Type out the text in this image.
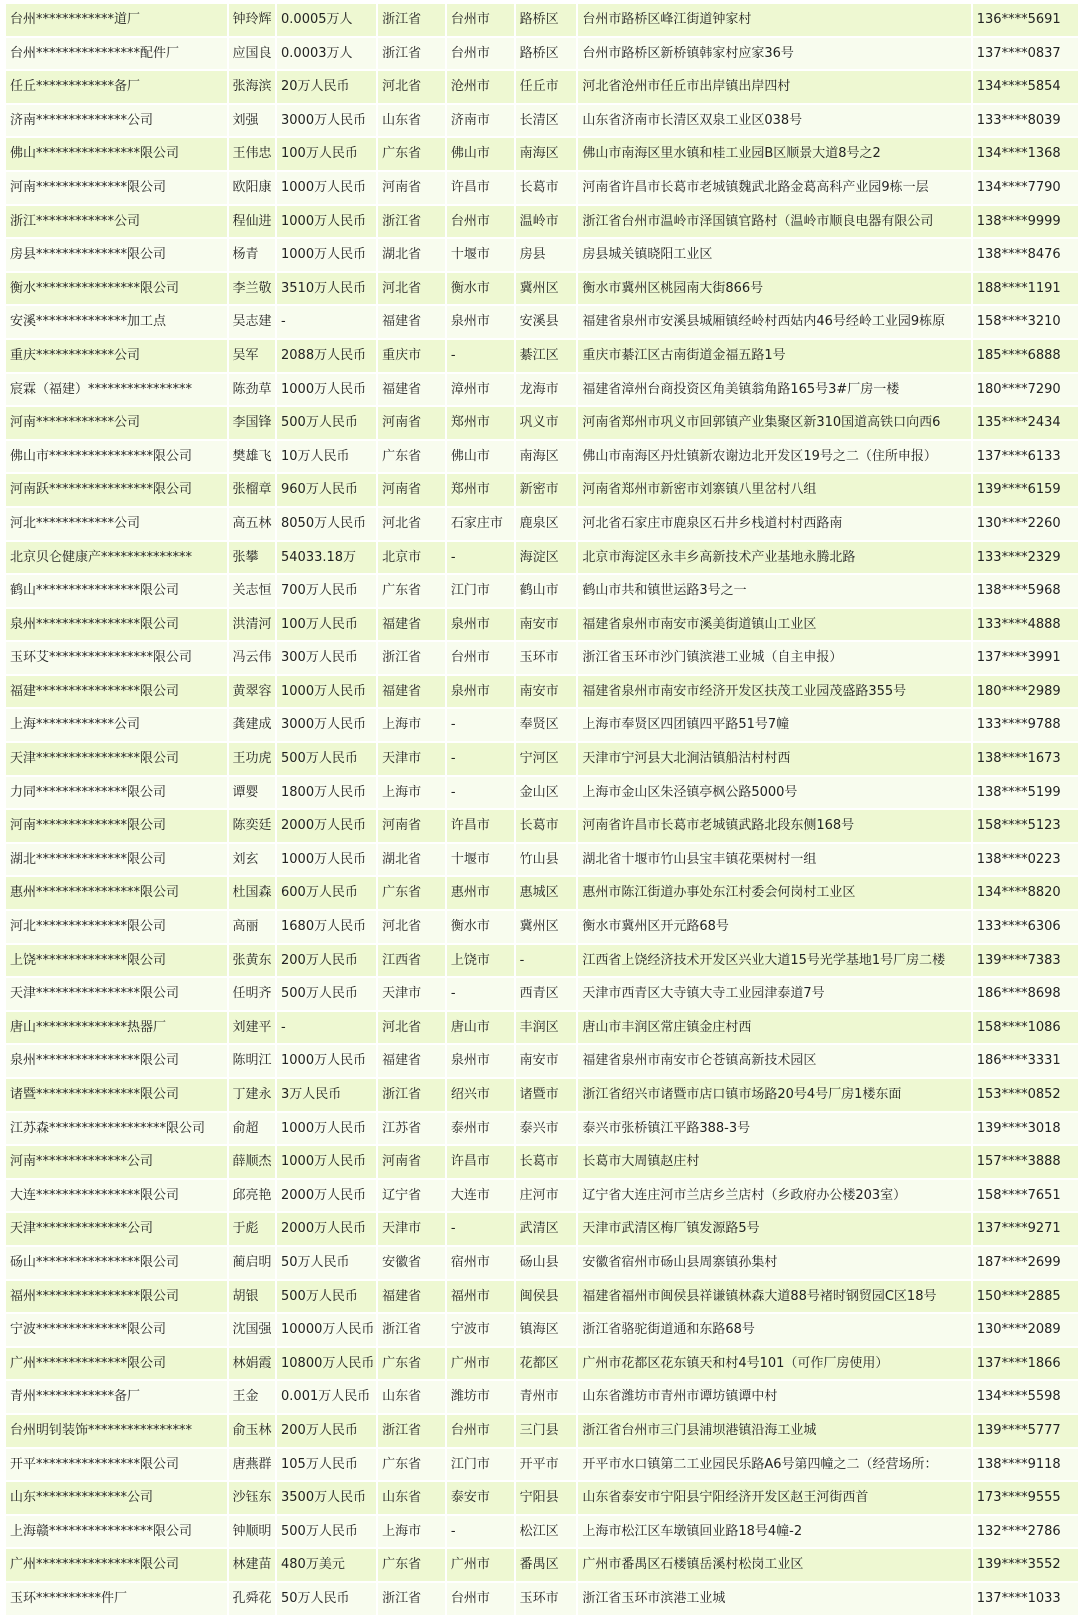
台州************道厂	钟玲辉	0.0005万人	浙江省	台州市	路桥区	台州市路桥区峰江街道钟家村	136****5691
台州****************配件厂	应国良	0.0003万人	浙江省	台州市	路桥区	台州市路桥区新桥镇韩家村应家36号	137****0837
任丘************备厂	张海滨	20万人民币	河北省	沧州市	任丘市	河北省沧州市任丘市出岸镇出岸四村	134****5854
济南**************公司	刘强	3000万人民币	山东省	济南市	长清区	山东省济南市长清区双泉工业区038号	133****8039
佛山****************限公司	王伟忠	100万人民币	广东省	佛山市	南海区	佛山市南海区里水镇和桂工业园B区顺景大道8号之2	134****1368
河南**************限公司	欧阳康	1000万人民币	河南省	许昌市	长葛市	河南省许昌市长葛市老城镇魏武北路金葛高科产业园9栋一层	134****7790
浙江************公司	程仙进	1000万人民币	浙江省	台州市	温岭市	浙江省台州市温岭市泽国镇官路村（温岭市顺良电器有限公司	138****9999
房县**************限公司	杨青	1000万人民币	湖北省	十堰市	房县	房县城关镇晓阳工业区	138****8476
衡水****************限公司	李兰敬	3510万人民币	河北省	衡水市	冀州区	衡水市冀州区桃园南大街866号	188****1191
安溪**************加工点	吴志建	-	福建省	泉州市	安溪县	福建省泉州市安溪县城厢镇经岭村西姑内46号经岭工业园9栋原	158****3210
重庆************公司	吴军	2088万人民币	重庆市	-	綦江区	重庆市綦江区古南街道金福五路1号	185****6888
宸霖（福建）****************	陈劲草	1000万人民币	福建省	漳州市	龙海市	福建省漳州台商投资区角美镇翁角路165号3#厂房一楼	180****7290
河南************公司	李国锋	500万人民币	河南省	郑州市	巩义市	河南省郑州市巩义市回郭镇产业集聚区新310国道高铁口向西6	135****2434
佛山市****************限公司	樊雄飞	10万人民币	广东省	佛山市	南海区	佛山市南海区丹灶镇新农谢边北开发区19号之二（住所申报）	137****6133
河南跃****************限公司	张榴章	960万人民币	河南省	郑州市	新密市	河南省郑州市新密市刘寨镇八里岔村八组	139****6159
河北************公司	高五林	8050万人民币	河北省	石家庄市	鹿泉区	河北省石家庄市鹿泉区石井乡栈道村村西路南	130****2260
北京贝仑健康产**************	张攀	54033.18万	北京市	-	海淀区	北京市海淀区永丰乡高新技术产业基地永腾北路	133****2329
鹤山****************限公司	关志恒	700万人民币	广东省	江门市	鹤山市	鹤山市共和镇世运路3号之一	138****5968
泉州****************限公司	洪清河	100万人民币	福建省	泉州市	南安市	福建省泉州市南安市溪美街道镇山工业区	133****4888
玉环艾****************限公司	冯云伟	300万人民币	浙江省	台州市	玉环市	浙江省玉环市沙门镇滨港工业城（自主申报）	137****3991
福建****************限公司	黄翠容	1000万人民币	福建省	泉州市	南安市	福建省泉州市南安市经济开发区扶茂工业园茂盛路355号	180****2989
上海************公司	龚建成	3000万人民币	上海市	-	奉贤区	上海市奉贤区四团镇四平路51号7幢	133****9788
天津****************限公司	王功虎	500万人民币	天津市	-	宁河区	天津市宁河县大北涧沽镇船沽村村西	138****1673
力同**************限公司	谭婴	1800万人民币	上海市	-	金山区	上海市金山区朱泾镇亭枫公路5000号	138****5199
河南**************限公司	陈奕廷	2000万人民币	河南省	许昌市	长葛市	河南省许昌市长葛市老城镇武路北段东侧168号	158****5123
湖北**************限公司	刘玄	1000万人民币	湖北省	十堰市	竹山县	湖北省十堰市竹山县宝丰镇花栗树村一组	138****0223
惠州****************限公司	杜国森	600万人民币	广东省	惠州市	惠城区	惠州市陈江街道办事处东江村委会何岗村工业区	134****8820
河北**************限公司	高丽	1680万人民币	河北省	衡水市	冀州区	衡水市冀州区开元路68号	133****6306
上饶**************限公司	张黄东	200万人民币	江西省	上饶市	-	江西省上饶经济技术开发区兴业大道15号光学基地1号厂房二楼	139****7383
天津****************限公司	任明齐	500万人民币	天津市	-	西青区	天津市西青区大寺镇大寺工业园津泰道7号	186****8698
唐山**************热器厂	刘建平	-	河北省	唐山市	丰润区	唐山市丰润区常庄镇金庄村西	158****1086
泉州****************限公司	陈明江	1000万人民币	福建省	泉州市	南安市	福建省泉州市南安市仑苍镇高新技术园区	186****3331
诸暨****************限公司	丁建永	3万人民币	浙江省	绍兴市	诸暨市	浙江省绍兴市诸暨市店口镇市场路20号4号厂房1楼东面	153****0852
江苏森******************限公司	俞超	1000万人民币	江苏省	泰州市	泰兴市	泰兴市张桥镇江平路388-3号	139****3018
河南**************公司	薛顺杰	1000万人民币	河南省	许昌市	长葛市	长葛市大周镇赵庄村	157****3888
大连****************限公司	邱亮艳	2000万人民币	辽宁省	大连市	庄河市	辽宁省大连庄河市兰店乡兰店村（乡政府办公楼203室）	158****7651
天津**************公司	于彪	2000万人民币	天津市	-	武清区	天津市武清区梅厂镇发源路5号	137****9271
砀山****************限公司	蔺启明	50万人民币	安徽省	宿州市	砀山县	安徽省宿州市砀山县周寨镇孙集村	187****2699
福州****************限公司	胡银	500万人民币	福建省	福州市	闽侯县	福建省福州市闽侯县祥谦镇林森大道88号褚时钢贸园C区18号	150****2885
宁波**************限公司	沈国强	10000万人民币	浙江省	宁波市	镇海区	浙江省骆驼街道通和东路68号	130****2089
广州**************限公司	林娟霞	10800万人民币	广东省	广州市	花都区	广州市花都区花东镇天和村4号101（可作厂房使用）	137****1866
青州************备厂	王金	0.001万人民币	山东省	潍坊市	青州市	山东省潍坊市青州市谭坊镇谭中村	134****5598
台州明钊装饰****************	俞玉林	200万人民币	浙江省	台州市	三门县	浙江省台州市三门县浦坝港镇沿海工业城	139****5777
开平****************限公司	唐燕群	105万人民币	广东省	江门市	开平市	开平市水口镇第二工业园民乐路A6号第四幢之二（经营场所：	138****9118
山东**************公司	沙钰东	3500万人民币	山东省	泰安市	宁阳县	山东省泰安市宁阳县宁阳经济开发区赵王河街西首	173****9555
上海赣****************限公司	钟顺明	500万人民币	上海市	-	松江区	上海市松江区车墩镇回业路18号4幢-2	132****2786
广州****************限公司	林建苗	480万美元	广东省	广州市	番禺区	广州市番禺区石楼镇岳溪村松岗工业区	139****3552
玉环**********件厂	孔舜花	50万人民币	浙江省	台州市	玉环市	浙江省玉环市滨港工业城	137****1033
